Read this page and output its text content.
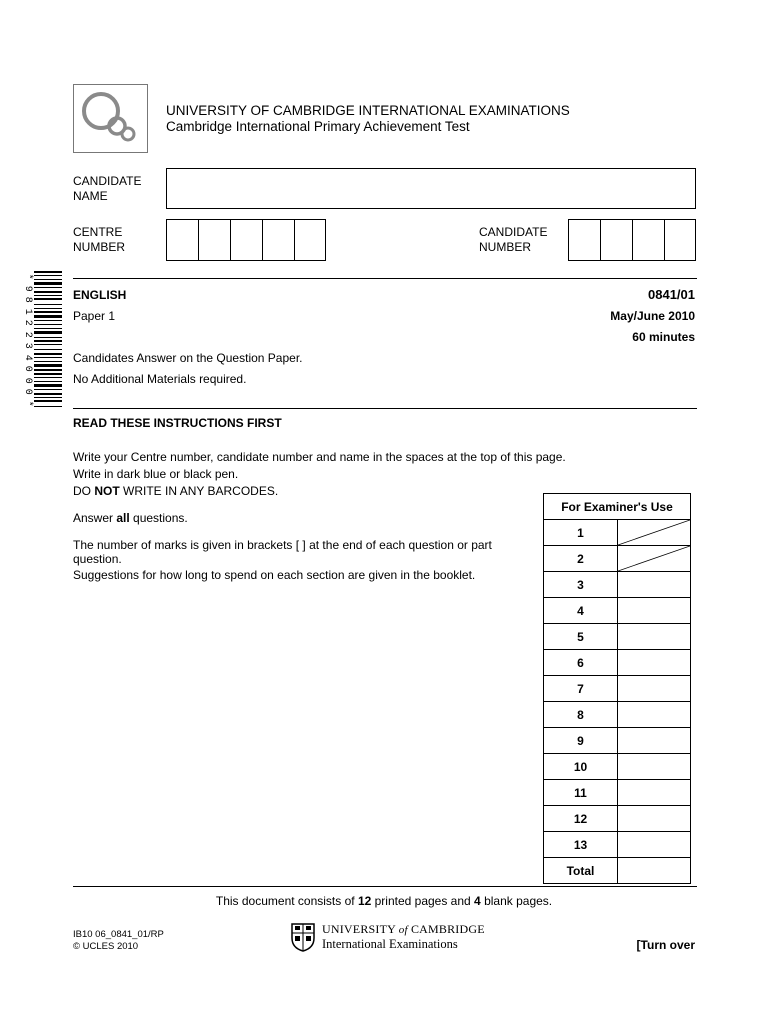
UNIVERSITY OF CAMBRIDGE INTERNATIONAL EXAMINATIONS
Cambridge International Primary Achievement Test
CANDIDATE
NAME
CENTRE
NUMBER
CANDIDATE
NUMBER
*
9
8
1
2
2
3
4
0
0
0
*
ENGLISH	0841/01
Paper 1	May/June 2010
60 minutes
Candidates Answer on the Question Paper.
No Additional Materials required.
READ THESE INSTRUCTIONS FIRST
Write your Centre number, candidate number and name in the spaces at the top of this page.
Write in dark blue or black pen.
DO NOT WRITE IN ANY BARCODES.
Answer all questions.
The number of marks is given in brackets [ ] at the end of each question or part
question.
Suggestions for how long to spend on each section are given in the booklet.
For Examiner's Use
1
2
3
4
5
6
7
8
9
10
11
12
13
Total
This document consists of 12 printed pages and 4 blank pages.
IB10 06_0841_01/RP
© UCLES 2010
UNIVERSITY of CAMBRIDGE
International Examinations	[Turn over
